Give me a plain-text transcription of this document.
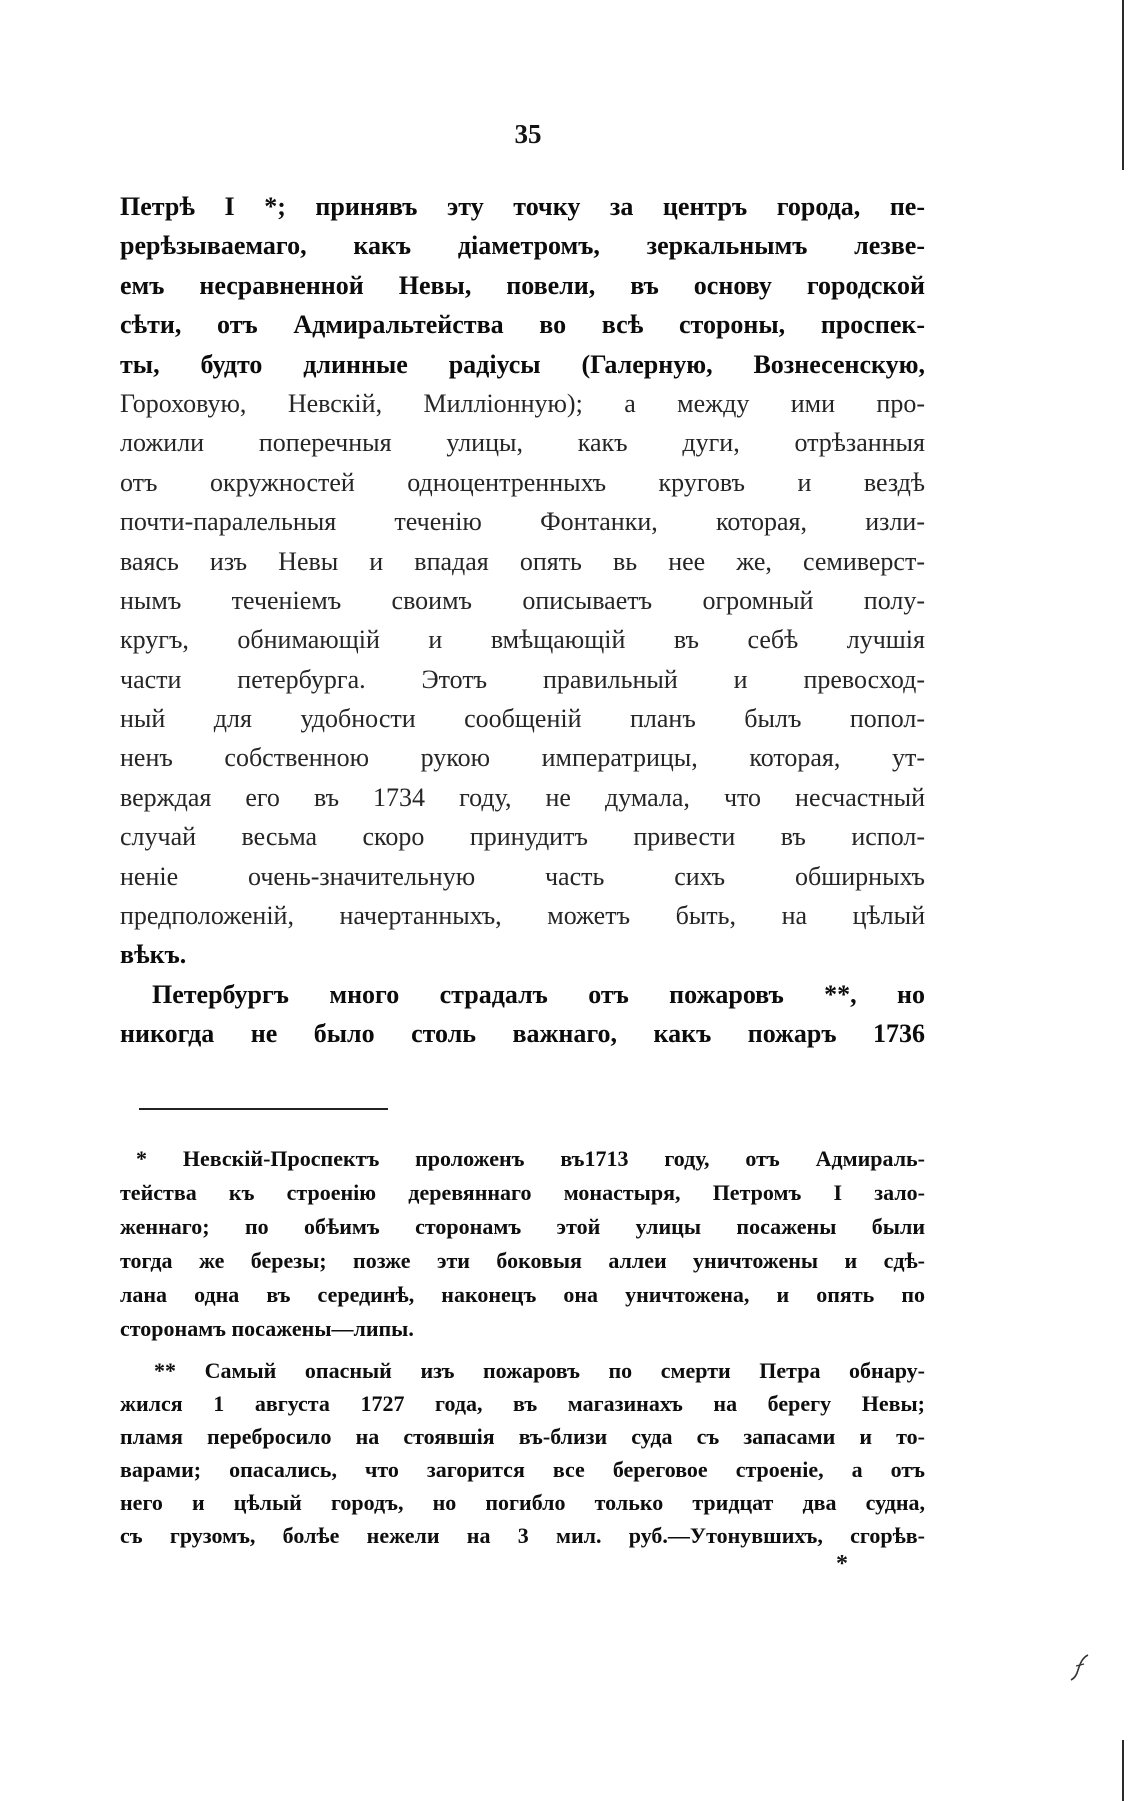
35
Петрѣ I *; принявъ эту точку за центръ города, пе-
рерѣзываемаго, какъ діаметромъ, зеркальнымъ лезве-
емъ несравненной Невы, повели, въ основу городской
сѣти, отъ Адмиральтейства во всѣ стороны, проспек-
ты, будто длинные радіусы (Галерную, Вознесенскую,
Гороховую, Невскій, Милліонную); а между ими про-
ложили поперечныя улицы, какъ дуги, отрѣзанныя
отъ окружностей одноцентренныхъ круговъ и вездѣ
почти-паралельныя теченію Фонтанки, которая, изли-
ваясь изъ Невы и впадая опять вь нее же, семиверст-
нымъ теченіемъ своимъ описываетъ огромный полу-
кругъ, обнимающій и вмѣщающій въ себѣ лучшія
части петербурга. Этотъ правильный и превосход-
ный для удобности сообщеній планъ былъ попол-
ненъ собственною рукою императрицы, которая, ут-
верждая его въ 1734 году, не думала, что несчастный
случай весьма скоро принудитъ привести въ испол-
неніе очень-значительную часть сихъ обширныхъ
предположеній, начертанныхъ, можетъ быть, на цѣлый
вѣкъ.
Петербургъ много страдалъ отъ пожаровъ **, но
никогда не было столь важнаго, какъ пожаръ 1736
* Невскій-Проспектъ проложенъ въ1713 году, отъ Адмираль-
тейства къ строенію деревяннаго монастыря, Петромъ I зало-
женнаго; по обѣимъ сторонамъ этой улицы посажены были
тогда же березы; позже эти боковыя аллеи уничтожены и сдѣ-
лана одна въ серединѣ, наконецъ она уничтожена, и опять по
сторонамъ посажены—липы.
** Самый опасный изъ пожаровъ по смерти Петра обнару-
жился 1 августа 1727 года, въ магазинахъ на берегу Невы;
пламя перебросило на стоявшія въ-близи суда съ запасами и то-
варами; опасались, что загорится все береговое строеніе, а отъ
него и цѣлый городъ, но погибло только тридцат два судна,
съ грузомъ, болѣе нежели на 3 мил. руб.—Утонувшихъ, сгорѣв-
*
